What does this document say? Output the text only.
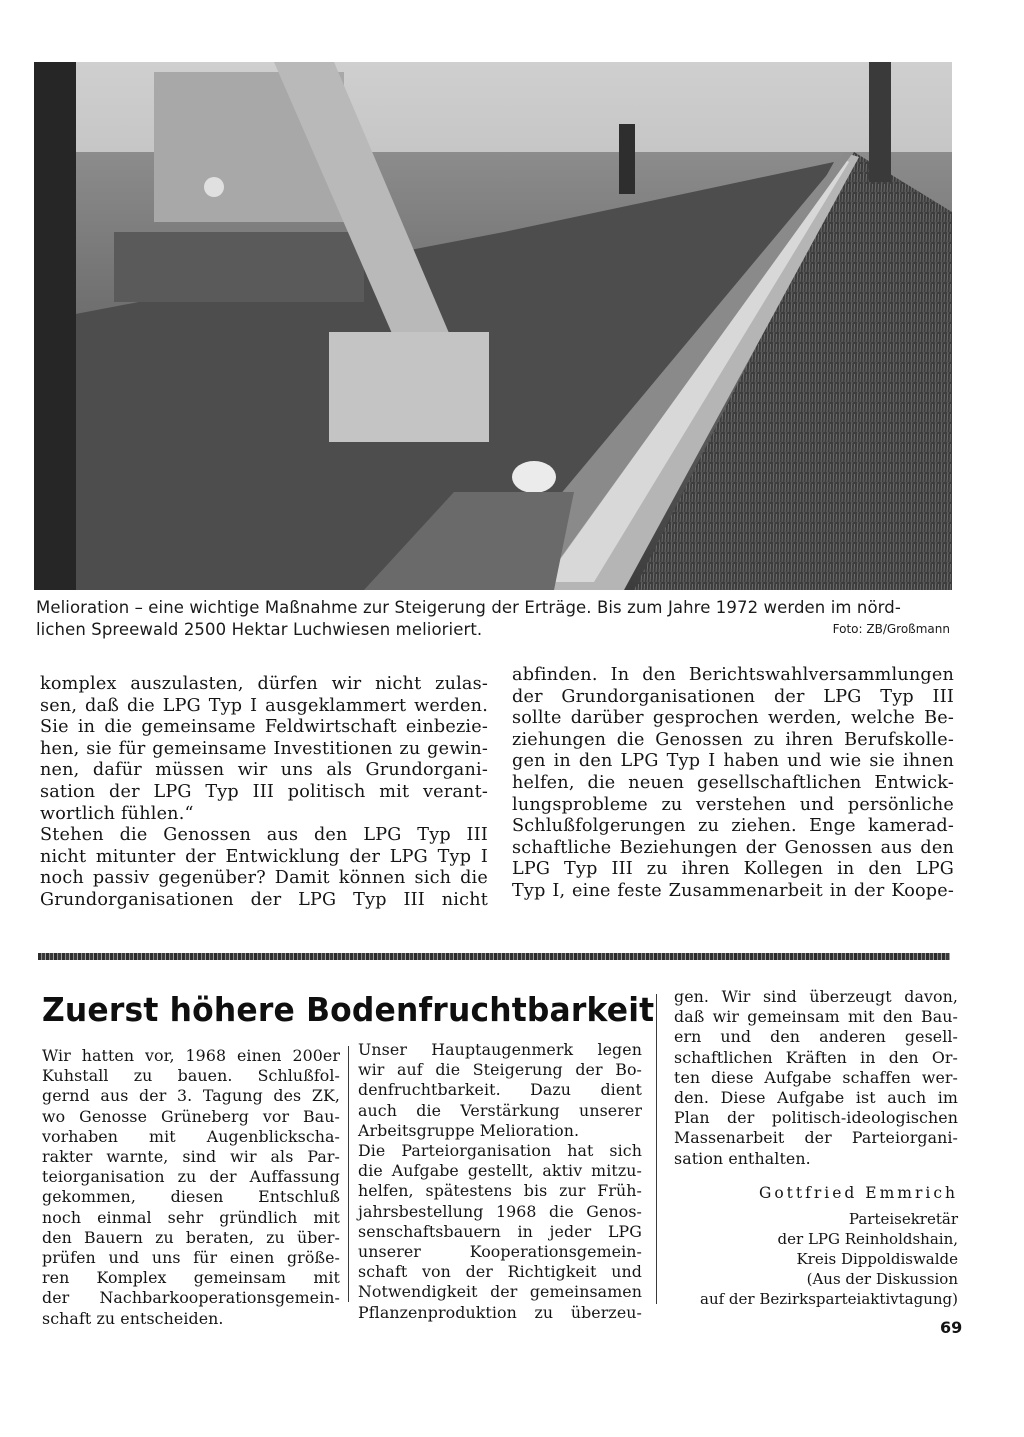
Melioration – eine wichtige Maßnahme zur Steigerung der Erträge. Bis zum Jahre 1972 werden im nörd-
lichen Spreewald 2500 Hektar Luchwiesen melioriert.	Foto: ZB/Großmann
komplex auszulasten, dürfen wir nicht zulas-
sen, daß die LPG Typ I ausgeklammert werden.
Sie in die gemeinsame Feldwirtschaft einbezie-
hen, sie für gemeinsame Investitionen zu gewin-
nen, dafür müssen wir uns als Grundorgani-
sation der LPG Typ III politisch mit verant-
wortlich fühlen.“
Stehen die Genossen aus den LPG Typ III
nicht mitunter der Entwicklung der LPG Typ I
noch passiv gegenüber? Damit können sich die
Grundorganisationen der LPG Typ III nicht
abfinden. In den Berichtswahlversammlungen
der Grundorganisationen der LPG Typ III
sollte darüber gesprochen werden, welche Be-
ziehungen die Genossen zu ihren Berufskolle-
gen in den LPG Typ I haben und wie sie ihnen
helfen, die neuen gesellschaftlichen Entwick-
lungsprobleme zu verstehen und persönliche
Schlußfolgerungen zu ziehen. Enge kamerad-
schaftliche Beziehungen der Genossen aus den
LPG Typ III zu ihren Kollegen in den LPG
Typ I, eine feste Zusammenarbeit in der Koope-
Zuerst höhere Bodenfruchtbarkeit
Wir hatten vor, 1968 einen 200er
Kuhstall zu bauen. Schlußfol-
gernd aus der 3. Tagung des ZK,
wo Genosse Grüneberg vor Bau-
vorhaben mit Augenblickscha-
rakter warnte, sind wir als Par-
teiorganisation zu der Auffassung
gekommen, diesen Entschluß
noch einmal sehr gründlich mit
den Bauern zu beraten, zu über-
prüfen und uns für einen größe-
ren Komplex gemeinsam mit
der Nachbarkooperationsgemein-
schaft zu entscheiden.
Unser Hauptaugenmerk legen
wir auf die Steigerung der Bo-
denfruchtbarkeit. Dazu dient
auch die Verstärkung unserer
Arbeitsgruppe Melioration.
Die Parteiorganisation hat sich
die Aufgabe gestellt, aktiv mitzu-
helfen, spätestens bis zur Früh-
jahrsbestellung 1968 die Genos-
senschaftsbauern in jeder LPG
unserer Kooperationsgemein-
schaft von der Richtigkeit und
Notwendigkeit der gemeinsamen
Pflanzenproduktion zu überzeu-
gen. Wir sind überzeugt davon,
daß wir gemeinsam mit den Bau-
ern und den anderen gesell-
schaftlichen Kräften in den Or-
ten diese Aufgabe schaffen wer-
den. Diese Aufgabe ist auch im
Plan der politisch-ideologischen
Massenarbeit der Parteiorgani-
sation enthalten.
Gottfried Emmrich
Parteisekretär
der LPG Reinholdshain,
Kreis Dippoldiswalde
(Aus der Diskussion
auf der Bezirksparteiaktivtagung)
69
